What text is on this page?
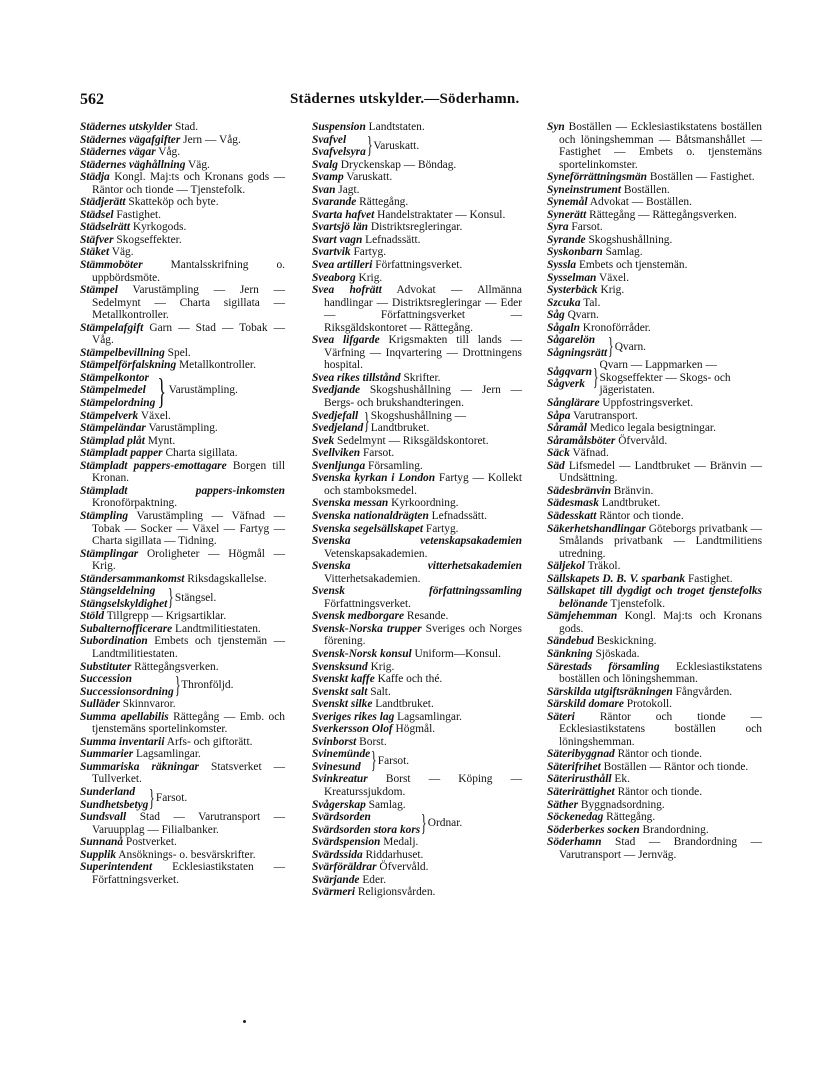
562	Städernes utskylder.—Söderhamn.
Städernes utskylder Stad.
Städernes vägafgifter Jern — Våg.
Städernes vägar Våg.
Städernes väghållning Väg.
Städja Kongl. Maj:ts och Kronans gods — Räntor och tionde — Tjenstefolk.
Städjerätt Skatteköp och byte.
Städsel Fastighet.
Städselrätt Kyrkogods.
Stäfver Skogseffekter.
Stäket Väg.
Stämmoböter Mantalsskrifning o. uppbördsmöte.
Stämpel Varustämpling — Jern — Sedelmynt — Charta sigillata — Metallkontroller.
Stämpelafgift Garn — Stad — Tobak — Våg.
Stämpelbevillning Spel.
Stämpelförfalskning Metallkontroller.
Stämpelkontor
Stämpelmedel
Stämpelordning } Varustämpling.
Stämpelverk Växel.
Stämpeländar Varustämpling.
Stämplad plåt Mynt.
Stämpladt papper Charta sigillata.
Stämpladt pappers-emottagare Borgen till Kronan.
Stämpladt pappers-inkomsten Kronoförpaktning.
Stämpling Varustämpling — Väfnad — Tobak — Socker — Växel — Fartyg — Charta sigillata — Tidning.
Stämplingar Oroligheter — Högmål — Krig.
Ständersammankomst Riksdagskallelse.
Stängseldelning
Stängselskyldighet } Stängsel.
Stöld Tillgrepp — Krigsartiklar.
Subalternofficerare Landtmilitiestaten.
Subordination Embets och tjenstemän — Landtmilitiestaten.
Substituter Rättegångsverken.
Succession
Successionsordning } Thronföljd.
Sulläder Skinnvaror.
Summa apellabilis Rättegång — Emb. och tjenstemäns sportelinkomster.
Summa inventarii Arfs- och giftorätt.
Summarier Lagsamlingar.
Summariska räkningar Statsverket — Tullverket.
Sunderland
Sundhetsbetyg } Farsot.
Sundsvall Stad — Varutransport — Varuupplag — Filialbanker.
Sunnanå Postverket.
Supplik Ansöknings- o. besvärskrifter.
Superintendent Ecklesiastikstaten — Författningsverket.
Suspension Landtstaten.
Svafvel
Svafvelsyra } Varuskatt.
Svalg Dryckenskap — Böndag.
Svamp Varuskatt.
Svan Jagt.
Svarande Rättegång.
Svarta hafvet Handelstraktater — Konsul.
Svartsjö län Distriktsregleringar.
Svart vagn Lefnadssätt.
Svartvik Fartyg.
Svea artilleri Författningsverket.
Sveaborg Krig.
Svea hofrätt Advokat — Allmänna handlingar — Distriktsregleringar — Eder — Författningsverket — Riksgäldskontoret — Rättegång.
Svea lifgarde Krigsmakten till lands — Värfning — Inqvartering — Drottningens hospital.
Svea rikes tillstånd Skrifter.
Svedjande Skogshushållning — Jern — Bergs- och brukshandteringen.
Svedjefall
Svedjeland } Skogshushållning — Landtbruket.
Svek Sedelmynt — Riksgäldskontoret.
Svellviken Farsot.
Svenljunga Församling.
Svenska kyrkan i London Fartyg — Kollekt och stamboksmedel.
Svenska messan Kyrkoordning.
Svenska nationaldrägten Lefnadssätt.
Svenska segelsällskapet Fartyg.
Svenska vetenskapsakademien Vetenskapsakademien.
Svenska vitterhetsakademien Vitterhetsakademien.
Svensk författningssamling Författningsverket.
Svensk medborgare Resande.
Svensk-Norska trupper Sveriges och Norges förening.
Svensk-Norsk konsul Uniform—Konsul.
Svensksund Krig.
Svenskt kaffe Kaffe och thé.
Svenskt salt Salt.
Svenskt silke Landtbruket.
Sveriges rikes lag Lagsamlingar.
Sverkersson Olof Högmål.
Svinborst Borst.
Svinemünde
Svinesund } Farsot.
Svinkreatur Borst — Köping — Kreaturssjukdom.
Svågerskap Samlag.
Svärdsorden
Svärdsorden stora kors } Ordnar.
Svärdspension Medalj.
Svärdssida Riddarhuset.
Svärföräldrar Öfvervåld.
Svärjande Eder.
Svärmeri Religionsvården.
Syn Boställen — Ecklesiastikstatens boställen och löningshemman — Båtsmanshållet — Fastighet — Embets o. tjenstemäns sportelinkomster.
Syneförrättningsmän Boställen — Fastighet.
Syneinstrument Boställen.
Synemål Advokat — Boställen.
Synerätt Rättegång — Rättegångsverken.
Syra Farsot.
Syrande Skogshushållning.
Syskonbarn Samlag.
Syssla Embets och tjenstemän.
Sysselman Växel.
Systerbäck Krig.
Szcuka Tal.
Såg Qvarn.
Sågaln Kronoförråder.
Sågarelön
Sågningsrätt } Qvarn.
Sågqvarn
Sågverk } Qvarn — Lappmarken — Skogseffekter — Skogs- och jägeristaten.
Sånglärare Uppfostringsverket.
Såpa Varutransport.
Såramål Medico legala besigtningar.
Såramålsböter Öfvervåld.
Säck Väfnad.
Säd Lifsmedel — Landtbruket — Bränvin — Undsättning.
Sädesbränvin Bränvin.
Sädesmask Landtbruket.
Sädesskatt Räntor och tionde.
Säkerhetshandlingar Göteborgs privatbank — Smålands privatbank — Landtmilitiens utredning.
Säljekol Träkol.
Sällskapets D. B. V. sparbank Fastighet.
Sällskapet till dygdigt och troget tjenstefolks belönande Tjenstefolk.
Sämjehemman Kongl. Maj:ts och Kronans gods.
Sändebud Beskickning.
Sänkning Sjöskada.
Särestads församling Ecklesiastikstatens boställen och löningshemman.
Särskilda utgiftsräkningen Fångvården.
Särskild domare Protokoll.
Säteri Räntor och tionde — Ecklesiastikstatens boställen och löningshemman.
Säteribyggnad Räntor och tionde.
Säterifrihet Boställen — Räntor och tionde.
Säterirusthåll Ek.
Säterirättighet Räntor och tionde.
Säther Byggnadsordning.
Söckenedag Rättegång.
Söderberkes socken Brandordning.
Söderhamn Stad — Brandordning — Varutransport — Jernväg.
